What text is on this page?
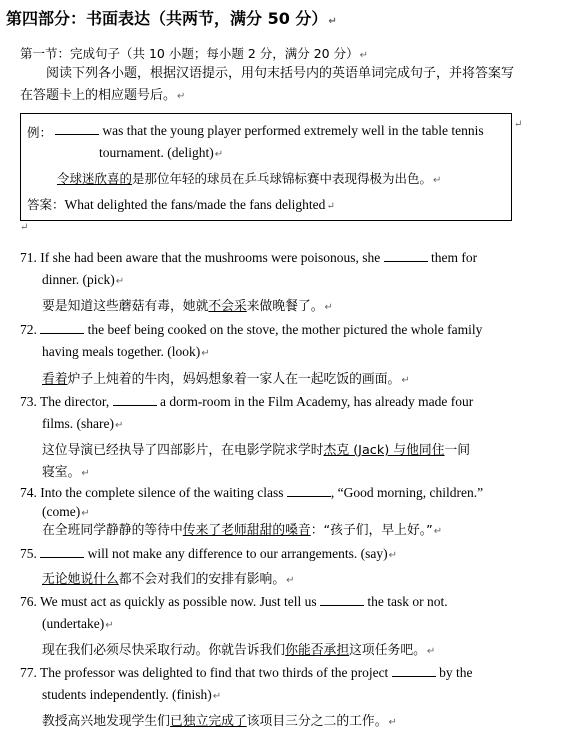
第四部分：书面表达（共两节，满分 50 分）↵
第一节：完成句子（共 10 小题；每小题 2 分，满分 20 分）↵
阅读下列各小题，根据汉语提示，用句末括号内的英语单词完成句子，并将答案写在答题卡上的相应题号后。↵
例：	was that the young player performed extremely well in the table tennis
tournament. (delight)↵
令球迷欣喜的是那位年轻的球员在乒乓球锦标赛中表现得极为出色。↵
答案：What delighted the fans/made the fans delighted↵
↵
↵
71. If she had been aware that the mushrooms were poisonous, she	them for
dinner. (pick)↵
要是知道这些蘑菇有毒，她就不会采来做晚餐了。↵
72.	the beef being cooked on the stove, the mother pictured the whole family
having meals together. (look)↵
看着炉子上炖着的牛肉，妈妈想象着一家人在一起吃饭的画面。↵
73. The director,	a dorm-room in the Film Academy, has already made four
films. (share)↵
这位导演已经执导了四部影片，在电影学院求学时杰克 (Jack) 与他同住一间
寝室。↵
74. Into the complete silence of the waiting class	, “Good morning, children.”
(come)↵
在全班同学静静的等待中传来了老师甜甜的嗓音：“孩子们，早上好。”↵
75.	will not make any difference to our arrangements. (say)↵
无论她说什么都不会对我们的安排有影响。↵
76. We must act as quickly as possible now. Just tell us	the task or not.
(undertake)↵
现在我们必须尽快采取行动。你就告诉我们你能否承担这项任务吧。↵
77. The professor was delighted to find that two thirds of the project	by the
students independently. (finish)↵
教授高兴地发现学生们已独立完成了该项目三分之二的工作。↵
